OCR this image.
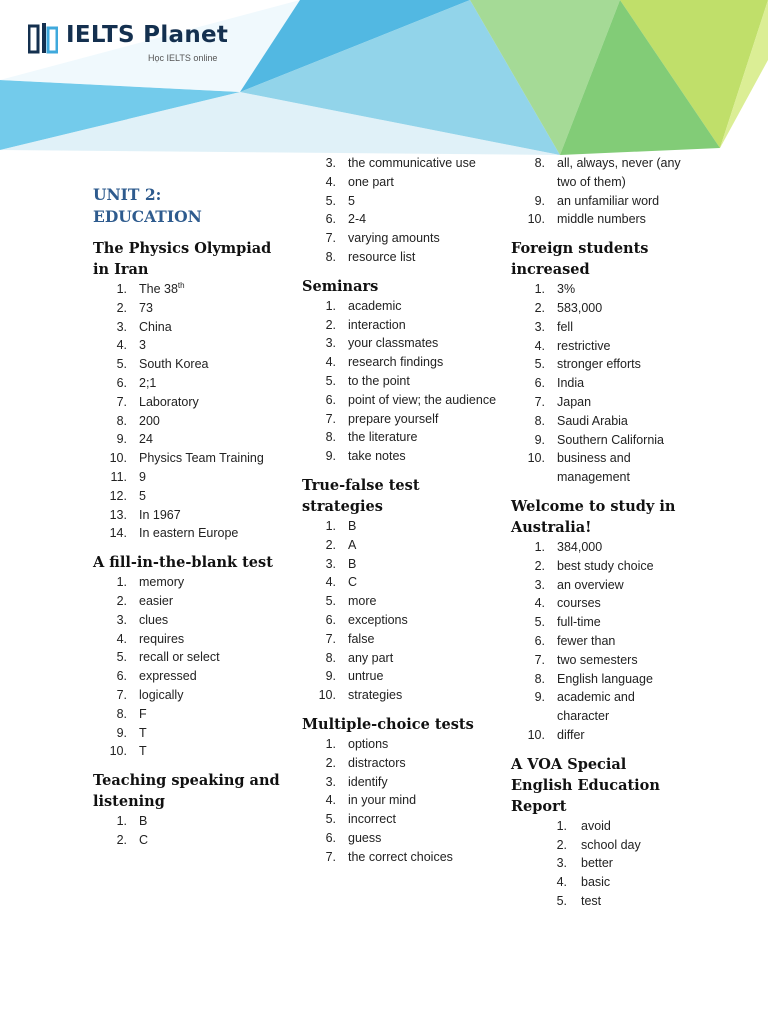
IELTS Planet
Học IELTS online
UNIT 2:
EDUCATION
The Physics Olympiad in Iran
1. The 38th
2. 73
3. China
4. 3
5. South Korea
6. 2;1
7. Laboratory
8. 200
9. 24
10. Physics Team Training
11. 9
12. 5
13. In 1967
14. In eastern Europe
A fill-in-the-blank test
1. memory
2. easier
3. clues
4. requires
5. recall or select
6. expressed
7. logically
8. F
9. T
10. T
Teaching speaking and listening
1. B
2. C
3. the communicative use
4. one part
5. 5
6. 2-4
7. varying amounts
8. resource list
Seminars
1. academic
2. interaction
3. your classmates
4. research findings
5. to the point
6. point of view; the audience
7. prepare yourself
8. the literature
9. take notes
True-false test strategies
1. B
2. A
3. B
4. C
5. more
6. exceptions
7. false
8. any part
9. untrue
10. strategies
Multiple-choice tests
1. options
2. distractors
3. identify
4. in your mind
5. incorrect
6. guess
7. the correct choices
8. all, always, never (any two of them)
9. an unfamiliar word
10. middle numbers
Foreign students increased
1. 3%
2. 583,000
3. fell
4. restrictive
5. stronger efforts
6. India
7. Japan
8. Saudi Arabia
9. Southern California
10. business and management
Welcome to study in Australia!
1. 384,000
2. best study choice
3. an overview
4. courses
5. full-time
6. fewer than
7. two semesters
8. English language
9. academic and character
10. differ
A VOA Special English Education Report
1. avoid
2. school day
3. better
4. basic
5. test
